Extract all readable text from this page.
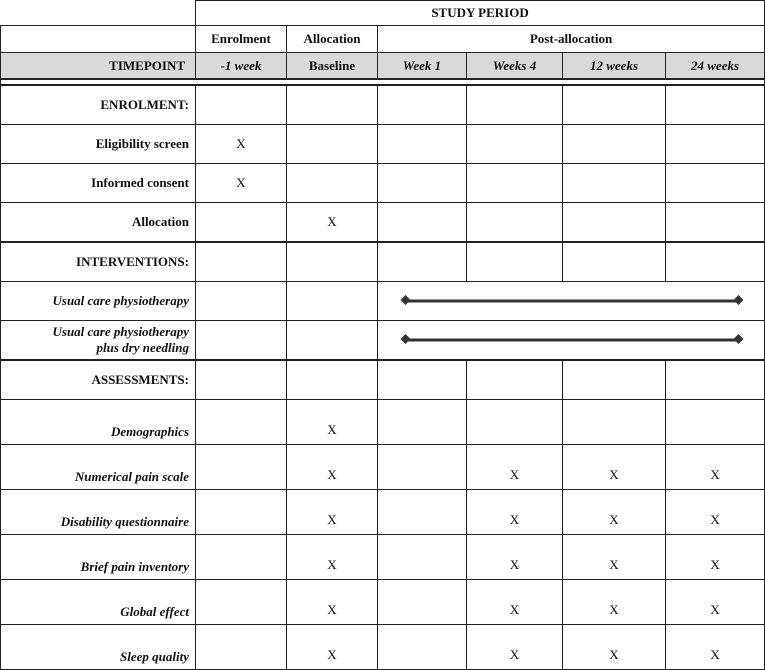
	STUDY PERIOD					
	Enrolment	Allocation	Post-allocation			
TIMEPOINT	-1 week	Baseline	Week 1	Weeks 4	12 weeks	24 weeks

ENROLMENT:						
Eligibility screen	X					
Informed consent	X					
Allocation		X				
INTERVENTIONS:						
Usual care physiotherapy						

Usual care physiotherapy
plus dry needling						

ASSESSMENTS:						
Demographics		X				
Numerical pain scale		X		X	X	X
Disability questionnaire		X		X	X	X
Brief pain inventory		X		X	X	X
Global effect		X		X	X	X
Sleep quality		X		X	X	X
